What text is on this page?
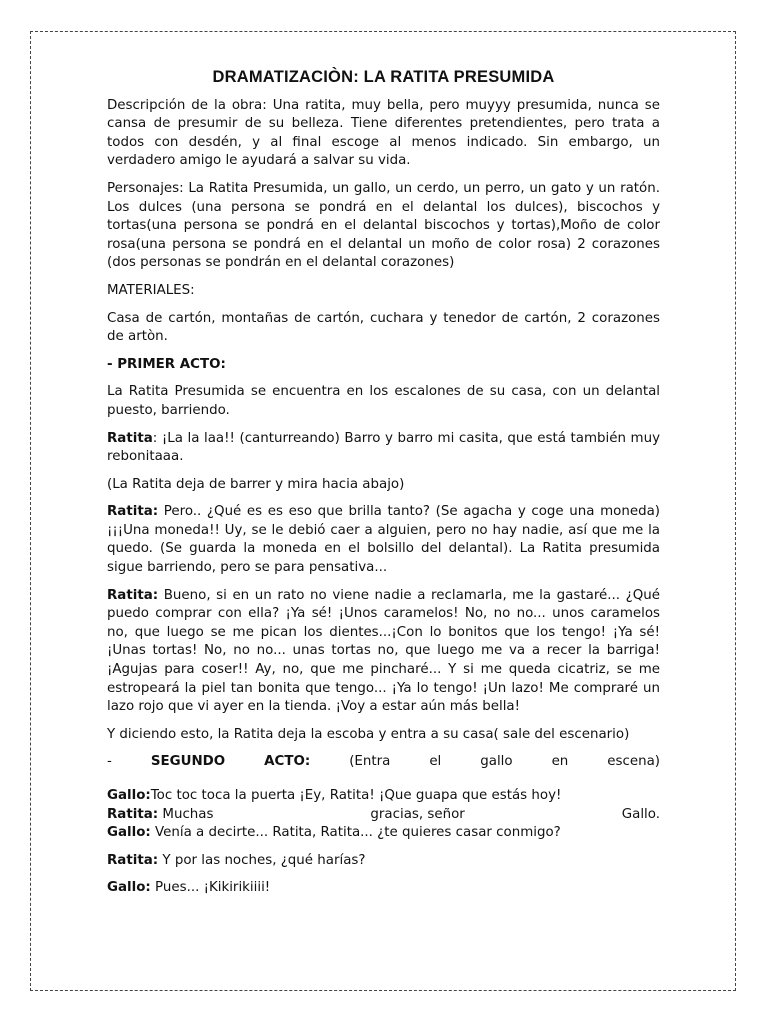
DRAMATIZACIÒN: LA RATITA PRESUMIDA

Descripción de la obra: Una ratita, muy bella, pero muyyy presumida, nunca se cansa de presumir de su belleza. Tiene diferentes pretendientes, pero trata a todos con desdén, y al final escoge al menos indicado. Sin embargo, un verdadero amigo le ayudará a salvar su vida.

Personajes: La Ratita Presumida, un gallo, un cerdo, un perro, un gato y un ratón. Los dulces (una persona se pondrá en el delantal los dulces), biscochos y tortas(una persona se pondrá en el delantal biscochos y tortas),Moño de color rosa(una persona se pondrá en el delantal un moño de color rosa) 2 corazones (dos personas se pondrán en el delantal corazones)

MATERIALES:

Casa de cartón, montañas de cartón, cuchara y tenedor de cartón, 2 corazones de artòn.

- PRIMER ACTO:

La Ratita Presumida se encuentra en los escalones de su casa, con un delantal puesto, barriendo.

Ratita: ¡La la laa!! (canturreando) Barro y barro mi casita, que está también muy rebonitaaa.

(La Ratita deja de barrer y mira hacia abajo)

Ratita: Pero.. ¿Qué es es eso que brilla tanto? (Se agacha y coge una moneda) ¡¡¡Una moneda!! Uy, se le debió caer a alguien, pero no hay nadie, así que me la quedo. (Se guarda la moneda en el bolsillo del delantal). La Ratita presumida sigue barriendo, pero se para pensativa...

Ratita: Bueno, si en un rato no viene nadie a reclamarla, me la gastaré... ¿Qué puedo comprar con ella? ¡Ya sé! ¡Unos caramelos! No, no no... unos caramelos no, que luego se me pican los dientes...¡Con lo bonitos que los tengo! ¡Ya sé! ¡Unas tortas! No, no no... unas tortas no, que luego me va a recer la barriga! ¡Agujas para coser!! Ay, no, que me pincharé... Y si me queda cicatriz, se me estropeará la piel tan bonita que tengo... ¡Ya lo tengo! ¡Un lazo! Me compraré un lazo rojo que vi ayer en la tienda. ¡Voy a estar aún más bella!

Y diciendo esto, la Ratita deja la escoba y entra a su casa( sale del escenario)

-	SEGUNDO	ACTO:	(Entra	el	gallo	en	escena)

Gallo:Toc toc toca la puerta ¡Ey, Ratita! ¡Que guapa que estás hoy!

Ratita: Muchas	gracias, señor	Gallo.

Gallo: Venía a decirte... Ratita, Ratita... ¿te quieres casar conmigo?

Ratita: Y por las noches, ¿qué harías?

Gallo: Pues... ¡Kikirikiiii!
